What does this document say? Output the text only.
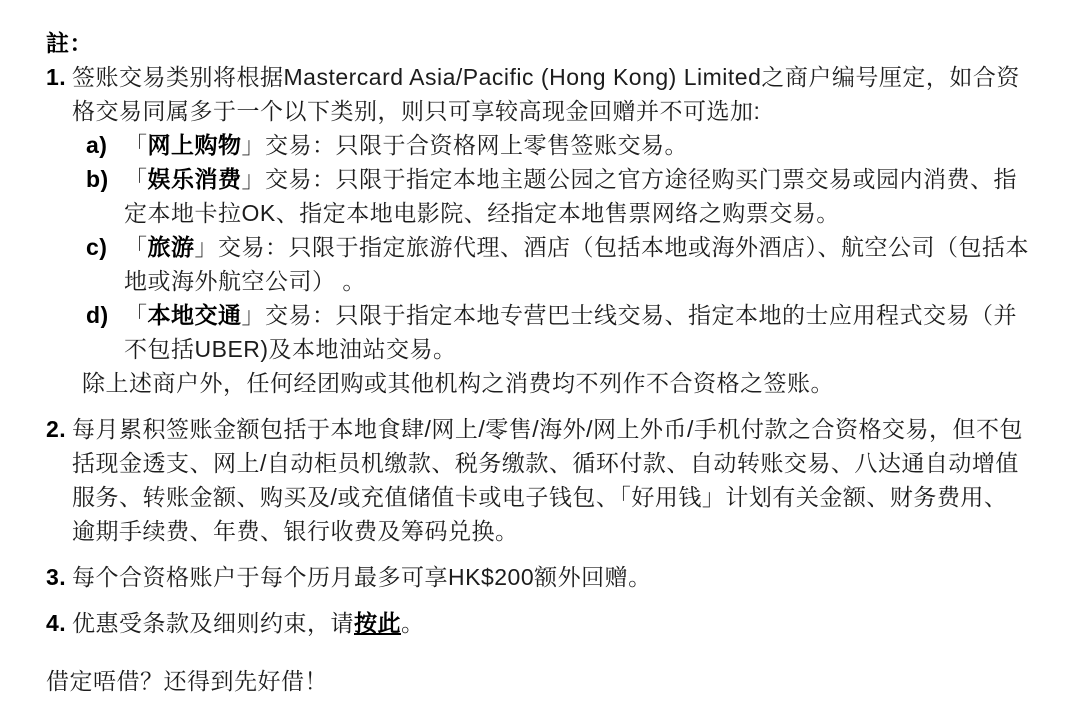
註：
1. 签账交易类别将根据Mastercard Asia/Pacific (Hong Kong) Limited之商户编号厘定，如合资格交易同属多于一个以下类别，则只可享较高现金回赠并不可选加:

a) 「网上购物」交易：只限于合资格网上零售签账交易。
b) 「娱乐消费」交易：只限于指定本地主题公园之官方途径购买门票交易或园内消费、指定本地卡拉OK、指定本地电影院、经指定本地售票网络之购票交易。
c) 「旅游」交易：只限于指定旅游代理、酒店（包括本地或海外酒店）、航空公司（包括本地或海外航空公司） 。
d) 「本地交通」交易：只限于指定本地专营巴士线交易、指定本地的士应用程式交易（并不包括UBER)及本地油站交易。

除上述商户外，任何经团购或其他机构之消费均不列作不合资格之签账。

2. 每月累积签账金额包括于本地食肆/网上/零售/海外/网上外币/手机付款之合资格交易，但不包括现金透支、网上/自动柜员机缴款、税务缴款、循环付款、自动转账交易、八达通自动增值服务、转账金额、购买及/或充值储值卡或电子钱包、「好用钱」计划有关金额、财务费用、逾期手续费、年费、银行收费及筹码兑换。

3. 每个合资格账户于每个历月最多可享HK$200额外回赠。

4. 优惠受条款及细则约束，请按此。

借定唔借？还得到先好借！
